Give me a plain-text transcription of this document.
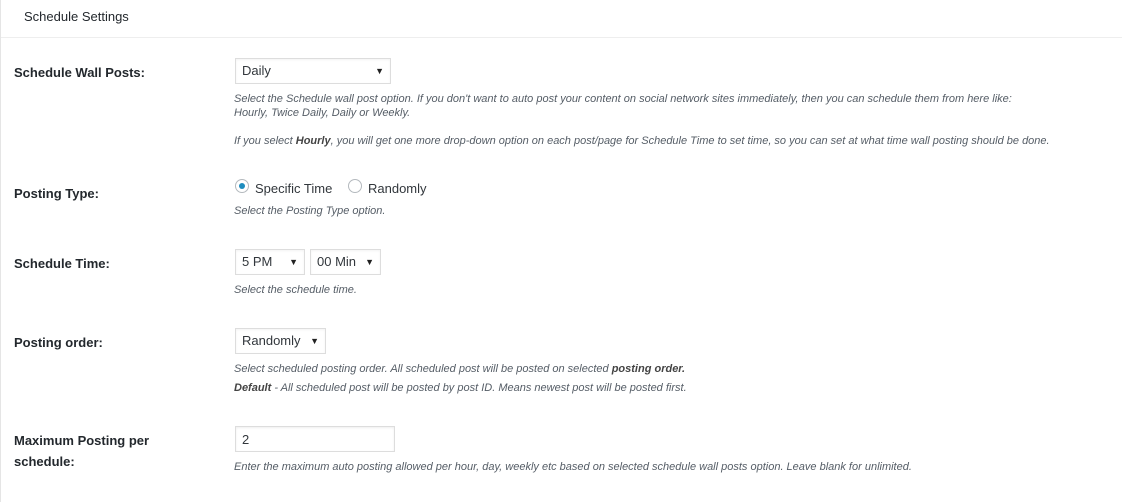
Schedule Settings
Schedule Wall Posts:	Daily	▼
Select the Schedule wall post option. If you don't want to auto post your content on social network sites immediately, then you can schedule them from here like:
Hourly, Twice Daily, Daily or Weekly.
If you select Hourly, you will get one more drop-down option on each post/page for Schedule Time to set time, so you can set at what time wall posting should be done.
Posting Type:	Specific Time	Randomly
Select the Posting Type option.
Schedule Time:	5 PM ▼	00 Min ▼
Select the schedule time.
Posting order:	Randomly ▼
Select scheduled posting order. All scheduled post will be posted on selected posting order.
Default - All scheduled post will be posted by post ID. Means newest post will be posted first.
Maximum Posting per
schedule:
2	Enter the maximum auto posting allowed per hour, day, weekly etc based on selected schedule wall posts option. Leave blank for unlimited.
